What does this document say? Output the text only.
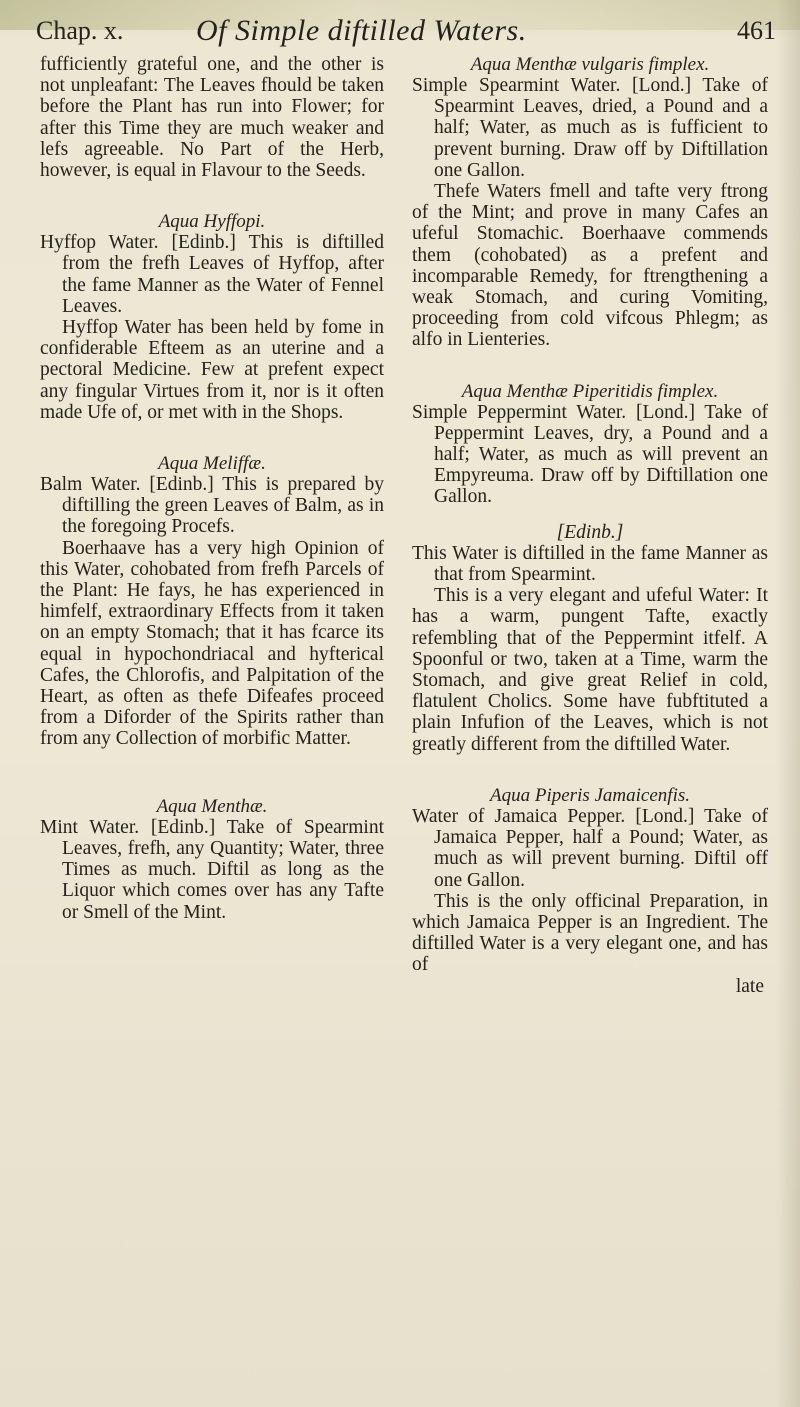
Chap. x. Of Simple diftilled Waters.	461

fufficiently grateful one, and the other is not unpleafant: The Leaves fhould be taken before the Plant has run into Flower; for after this Time they are much weaker and lefs agreeable. No Part of the Herb, however, is equal in Flavour to the Seeds.

Aqua Hyffopi.

Hyffop Water. [Edinb.] This is diftilled from the frefh Leaves of Hyffop, after the fame Manner as the Water of Fennel Leaves.

Hyffop Water has been held by fome in confiderable Efteem as an uterine and a pectoral Medicine. Few at prefent expect any fingular Virtues from it, nor is it often made Ufe of, or met with in the Shops.

Aqua Meliffæ.

Balm Water. [Edinb.] This is prepared by diftilling the green Leaves of Balm, as in the foregoing Procefs.

Boerhaave has a very high Opinion of this Water, cohobated from frefh Parcels of the Plant: He fays, he has experienced in himfelf, extraordinary Effects from it taken on an empty Stomach; that it has fcarce its equal in hypochondriacal and hyfterical Cafes, the Chlorofis, and Palpitation of the Heart, as often as thefe Difeafes proceed from a Diforder of the Spirits rather than from any Collection of morbific Matter.

Aqua Menthæ.

Mint Water. [Edinb.] Take of Spearmint Leaves, frefh, any Quantity; Water, three Times as much. Diftil as long as the Liquor which comes over has any Tafte or Smell of the Mint.

Aqua Menthæ vulgaris fimplex.

Simple Spearmint Water. [Lond.] Take of Spearmint Leaves, dried, a Pound and a half; Water, as much as is fufficient to prevent burning. Draw off by Diftillation one Gallon.

Thefe Waters fmell and tafte very ftrong of the Mint; and prove in many Cafes an ufeful Stomachic. Boerhaave commends them (cohobated) as a prefent and incomparable Remedy, for ftrengthening a weak Stomach, and curing Vomiting, proceeding from cold vifcous Phlegm; as alfo in Lienteries.

Aqua Menthæ Piperitidis fimplex.

Simple Peppermint Water. [Lond.] Take of Peppermint Leaves, dry, a Pound and a half; Water, as much as will prevent an Empyreuma. Draw off by Diftillation one Gallon.

[Edinb.]

This Water is diftilled in the fame Manner as that from Spearmint.

This is a very elegant and ufeful Water: It has a warm, pungent Tafte, exactly refembling that of the Peppermint itfelf. A Spoonful or two, taken at a Time, warm the Stomach, and give great Relief in cold, flatulent Cholics. Some have fubftituted a plain Infufion of the Leaves, which is not greatly different from the diftilled Water.

Aqua Piperis Jamaicenfis.

Water of Jamaica Pepper. [Lond.] Take of Jamaica Pepper, half a Pound; Water, as much as will prevent burning. Diftil off one Gallon.

This is the only officinal Preparation, in which Jamaica Pepper is an Ingredient. The diftilled Water is a very elegant one, and has of

late
